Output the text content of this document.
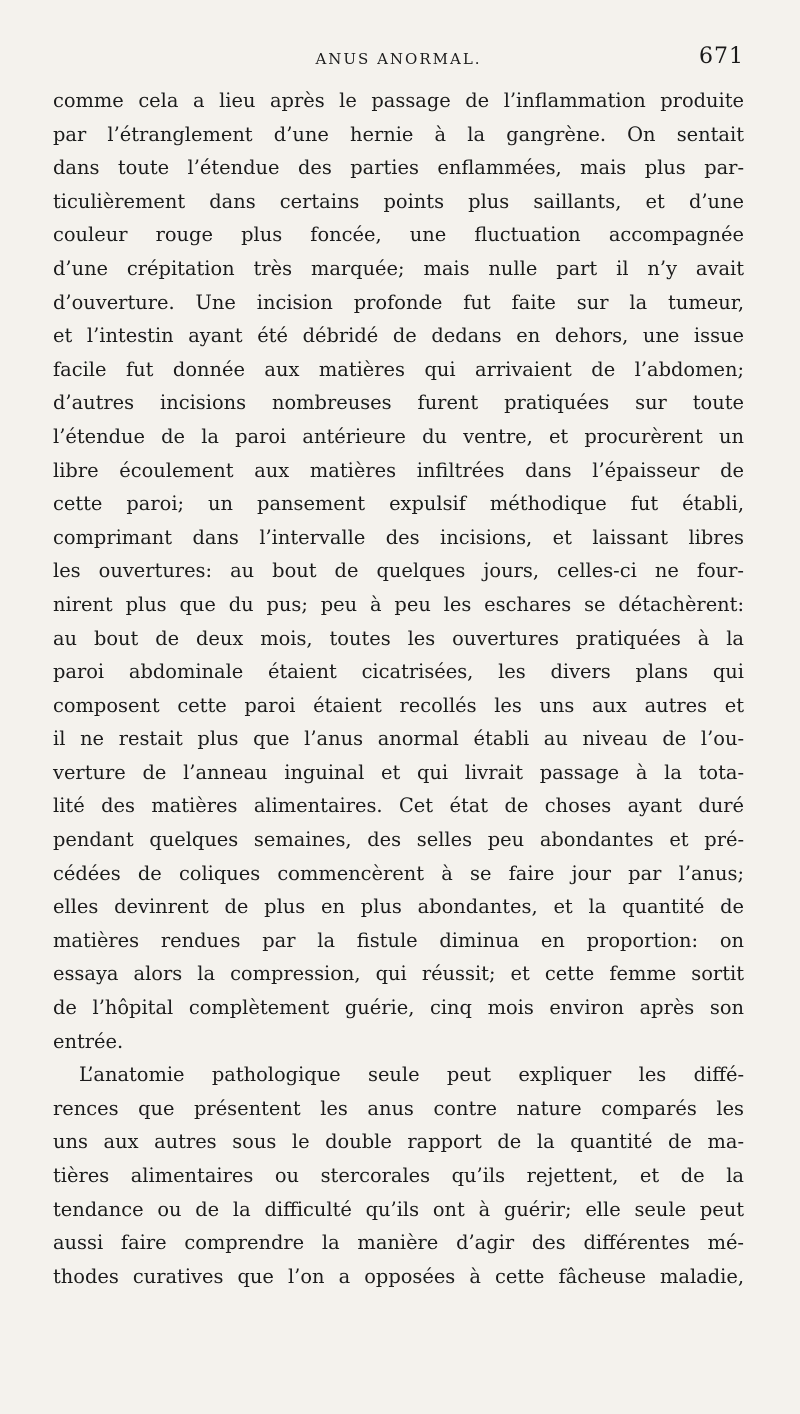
ANUS ANORMAL.	671
comme cela a lieu après le passage de l’inflammation produite
par l’étranglement d’une hernie à la gangrène. On sentait
dans toute l’étendue des parties enflammées, mais plus par-
ticulièrement dans certains points plus saillants, et d’une
couleur rouge plus foncée, une fluctuation accompagnée
d’une crépitation très marquée; mais nulle part il n’y avait
d’ouverture. Une incision profonde fut faite sur la tumeur,
et l’intestin ayant été débridé de dedans en dehors, une issue
facile fut donnée aux matières qui arrivaient de l’abdomen;
d’autres incisions nombreuses furent pratiquées sur toute
l’étendue de la paroi antérieure du ventre, et procurèrent un
libre écoulement aux matières infiltrées dans l’épaisseur de
cette paroi; un pansement expulsif méthodique fut établi,
comprimant dans l’intervalle des incisions, et laissant libres
les ouvertures: au bout de quelques jours, celles-ci ne four-
nirent plus que du pus; peu à peu les eschares se détachèrent:
au bout de deux mois, toutes les ouvertures pratiquées à la
paroi abdominale étaient cicatrisées, les divers plans qui
composent cette paroi étaient recollés les uns aux autres et
il ne restait plus que l’anus anormal établi au niveau de l’ou-
verture de l’anneau inguinal et qui livrait passage à la tota-
lité des matières alimentaires. Cet état de choses ayant duré
pendant quelques semaines, des selles peu abondantes et pré-
cédées de coliques commencèrent à se faire jour par l’anus;
elles devinrent de plus en plus abondantes, et la quantité de
matières rendues par la fistule diminua en proportion: on
essaya alors la compression, qui réussit; et cette femme sortit
de l’hôpital complètement guérie, cinq mois environ après son
entrée.
L’anatomie pathologique seule peut expliquer les diffé-
rences que présentent les anus contre nature comparés les
uns aux autres sous le double rapport de la quantité de ma-
tières alimentaires ou stercorales qu’ils rejettent, et de la
tendance ou de la difficulté qu’ils ont à guérir; elle seule peut
aussi faire comprendre la manière d’agir des différentes mé-
thodes curatives que l’on a opposées à cette fâcheuse maladie,
